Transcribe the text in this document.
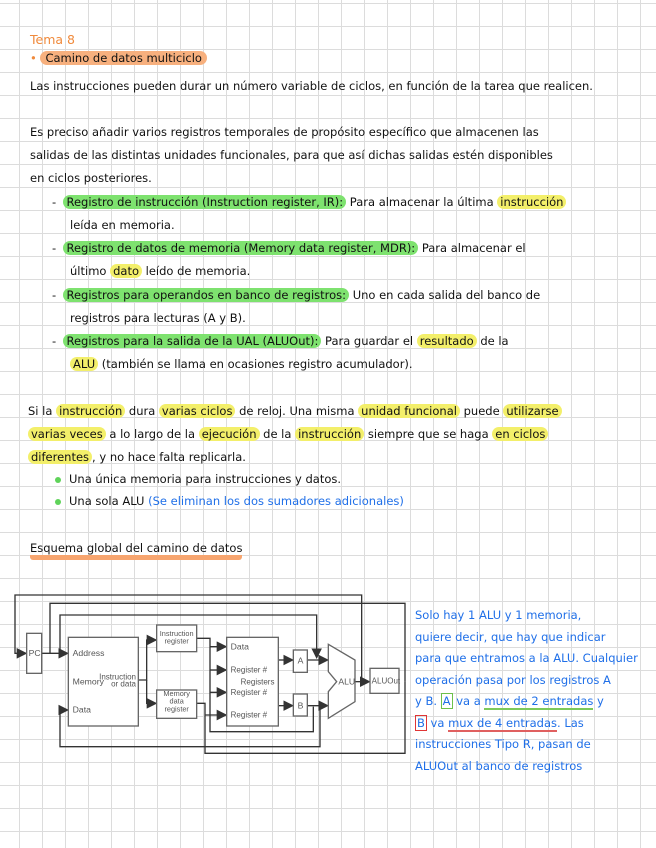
Tema 8
• Camino de datos multiciclo
Las instrucciones pueden durar un número variable de ciclos, en función de la tarea que realicen.
Es preciso añadir varios registros temporales de propósito específico que almacenen las
salidas de las distintas unidades funcionales, para que así dichas salidas estén disponibles
en ciclos posteriores.
-  Registro de instrucción (Instruction register, IR): Para almacenar la última instrucción
leída en memoria.
-  Registro de datos de memoria (Memory data register, MDR): Para almacenar el
último dato leído de memoria.
-  Registros para operandos en banco de registros: Uno en cada salida del banco de
registros para lecturas (A y B).
-  Registros para la salida de la UAL (ALUOut): Para guardar el resultado de la
ALU (también se llama en ocasiones registro acumulador).
Si la instrucción dura varias ciclos de reloj. Una misma unidad funcional puede utilizarse
varias veces a lo largo de la ejecución de la instrucción siempre que se haga en ciclos
diferentes , y no hace falta replicarla.
Una única memoria para instrucciones y datos.
Una sola ALU (Se eliminan los dos sumadores adicionales)
Esquema global del camino de datos
PC Address
Memory
Instruction
or data
Data
Instruction
register
Memory
data
register
Data
Register #
Registers
Register #
Register #
A
B
ALU ALUOut
Solo hay 1 ALU y 1 memoria,
quiere decir, que hay que indicar
para que entramos a la ALU. Cualquier
operación pasa por los registros A
y B. A va a mux de 2 entradas y
B va mux de 4 entradas. Las
instrucciones Tipo R, pasan de
ALUOut al banco de registros
